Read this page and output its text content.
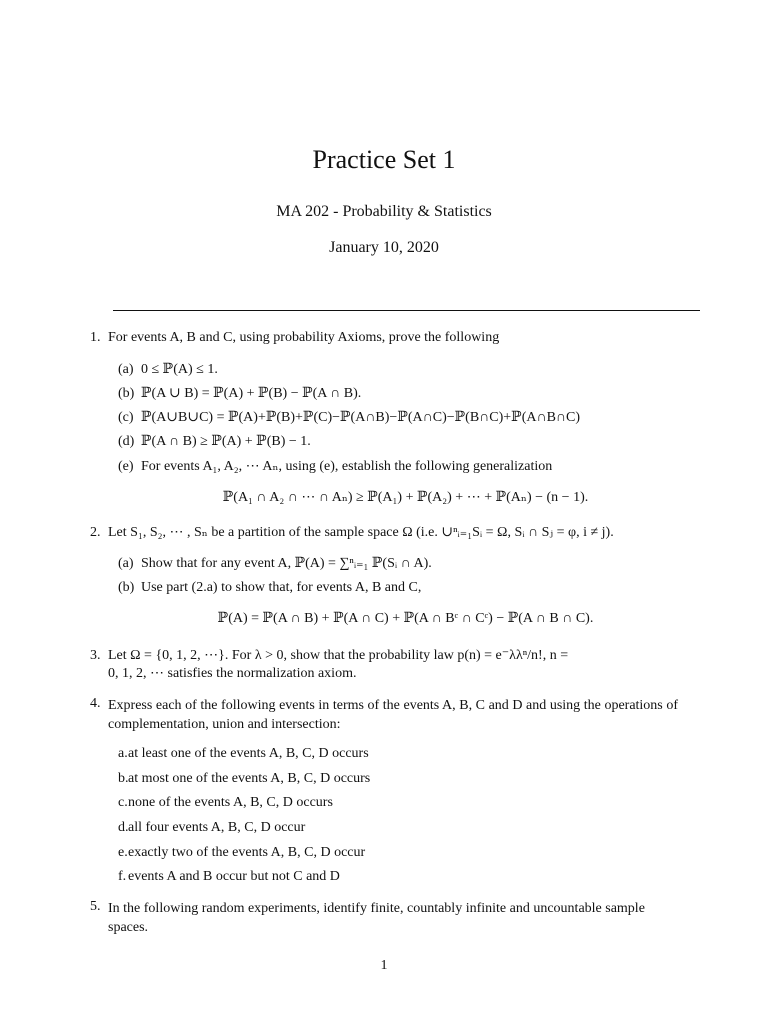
Practice Set 1
MA 202 - Probability & Statistics
January 10, 2020
1. For events A, B and C, using probability Axioms, prove the following
(a) 0 ≤ ℙ(A) ≤ 1.
(b) ℙ(A ∪ B) = ℙ(A) + ℙ(B) − ℙ(A ∩ B).
(c) ℙ(A∪B∪C) = ℙ(A)+ℙ(B)+ℙ(C)−ℙ(A∩B)−ℙ(A∩C)−ℙ(B∩C)+ℙ(A∩B∩C)
(d) ℙ(A ∩ B) ≥ ℙ(A) + ℙ(B) − 1.
(e) For events A₁, A₂, ⋯ Aₙ, using (e), establish the following generalization
ℙ(A₁ ∩ A₂ ∩ ⋯ ∩ Aₙ) ≥ ℙ(A₁) + ℙ(A₂) + ⋯ + ℙ(Aₙ) − (n − 1).
2. Let S₁, S₂, ⋯ , Sₙ be a partition of the sample space Ω (i.e. ∪ⁿᵢ₌₁Sᵢ = Ω, Sᵢ ∩ Sⱼ = φ, i ≠ j).
(a) Show that for any event A, ℙ(A) = ∑ⁿᵢ₌₁ ℙ(Sᵢ ∩ A).
(b) Use part (2.a) to show that, for events A, B and C,
ℙ(A) = ℙ(A ∩ B) + ℙ(A ∩ C) + ℙ(A ∩ Bᶜ ∩ Cᶜ) − ℙ(A ∩ B ∩ C).
3. Let Ω = {0, 1, 2, ⋯}. For λ > 0, show that the probability law p(n) = e⁻λλⁿ/n!, n =
0, 1, 2, ⋯ satisfies the normalization axiom.
4. Express each of the following events in terms of the events A, B, C and D and using the operations of complementation, union and intersection:
a. at least one of the events A, B, C, D occurs
b. at most one of the events A, B, C, D occurs
c. none of the events A, B, C, D occurs
d. all four events A, B, C, D occur
e. exactly two of the events A, B, C, D occur
f. events A and B occur but not C and D
5. In the following random experiments, identify finite, countably infinite and uncountable sample spaces.
1
